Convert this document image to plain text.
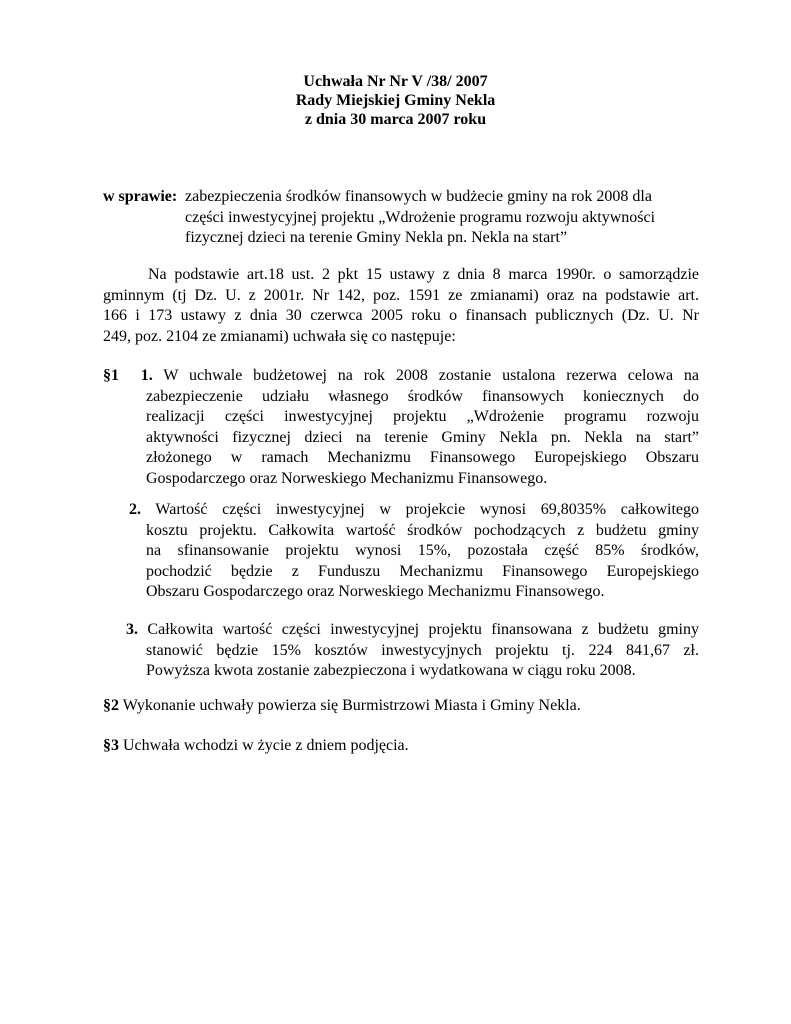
Uchwała Nr Nr V /38/ 2007
Rady Miejskiej Gminy Nekla
z dnia 30 marca 2007 roku
w sprawie: zabezpieczenia środków finansowych w budżecie gminy na rok 2008 dla
części inwestycyjnej projektu „Wdrożenie programu rozwoju aktywności
fizycznej dzieci na terenie Gminy Nekla pn. Nekla na start”
Na podstawie art.18 ust. 2 pkt 15 ustawy z dnia 8 marca 1990r. o samorządzie
gminnym (tj Dz. U. z 2001r. Nr 142, poz. 1591 ze zmianami) oraz na podstawie art.
166 i 173 ustawy z dnia 30 czerwca 2005 roku o finansach publicznych (Dz. U. Nr
249, poz. 2104 ze zmianami) uchwała się co następuje:
§1 1. W uchwale budżetowej na rok 2008 zostanie ustalona rezerwa celowa na
zabezpieczenie udziału własnego środków finansowych koniecznych do
realizacji części inwestycyjnej projektu „Wdrożenie programu rozwoju
aktywności fizycznej dzieci na terenie Gminy Nekla pn. Nekla na start”
złożonego w ramach Mechanizmu Finansowego Europejskiego Obszaru
Gospodarczego oraz Norweskiego Mechanizmu Finansowego.
2. Wartość części inwestycyjnej w projekcie wynosi 69,8035% całkowitego
kosztu projektu. Całkowita wartość środków pochodzących z budżetu gminy
na sfinansowanie projektu wynosi 15%, pozostała część 85% środków,
pochodzić będzie z Funduszu Mechanizmu Finansowego Europejskiego
Obszaru Gospodarczego oraz Norweskiego Mechanizmu Finansowego.
3. Całkowita wartość części inwestycyjnej projektu finansowana z budżetu gminy
stanowić będzie 15% kosztów inwestycyjnych projektu tj. 224 841,67 zł.
Powyższa kwota zostanie zabezpieczona i wydatkowana w ciągu roku 2008.
§2 Wykonanie uchwały powierza się Burmistrzowi Miasta i Gminy Nekla.
§3 Uchwała wchodzi w życie z dniem podjęcia.
